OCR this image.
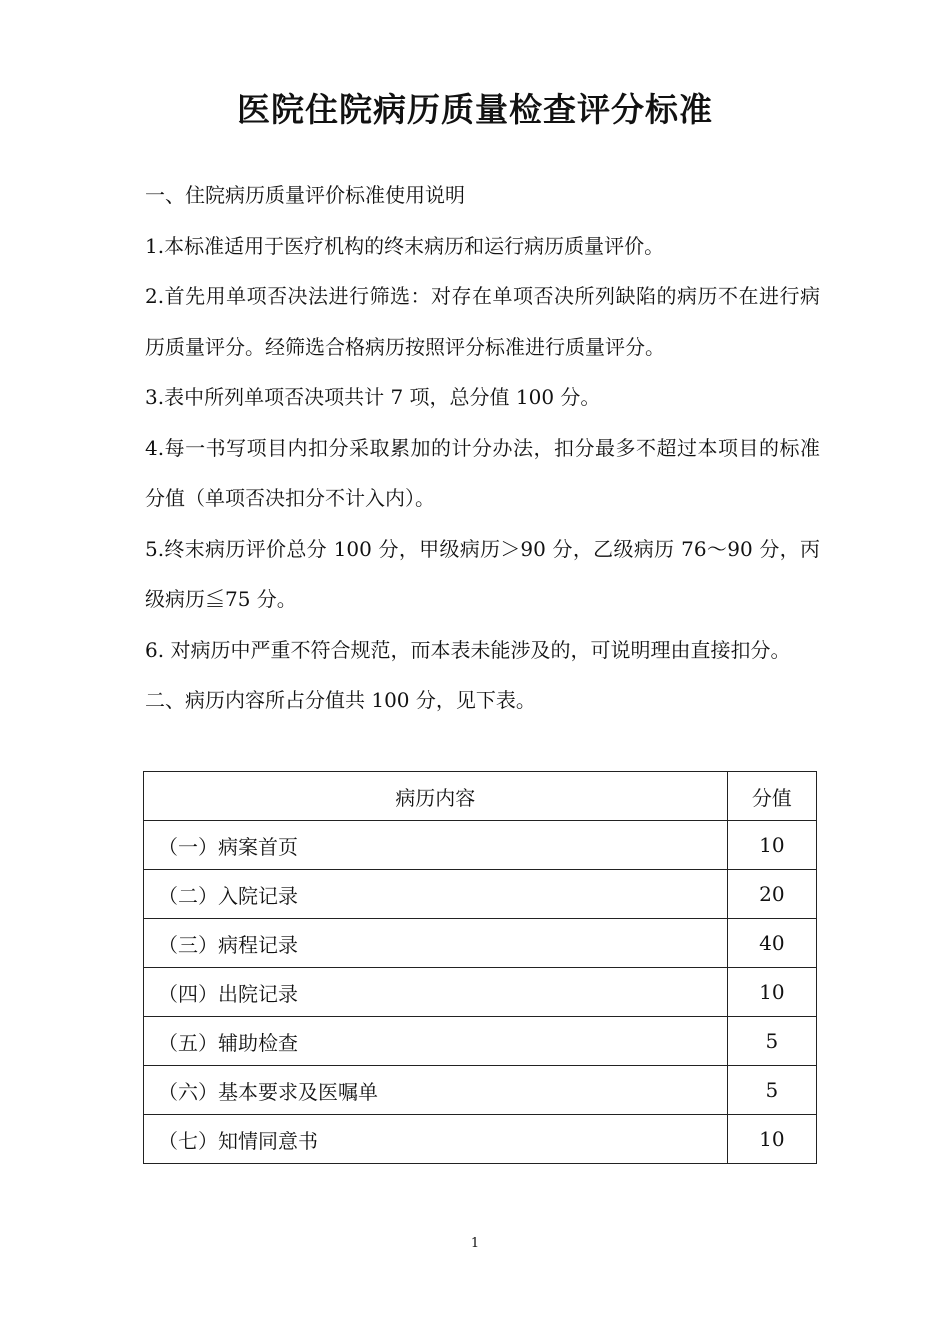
医院住院病历质量检查评分标准

一、住院病历质量评价标准使用说明

1.本标准适用于医疗机构的终末病历和运行病历质量评价。

2.首先用单项否决法进行筛选：对存在单项否决所列缺陷的病历不在进行病历质量评分。经筛选合格病历按照评分标准进行质量评分。

3.表中所列单项否决项共计 7 项，总分值 100 分。

4.每一书写项目内扣分采取累加的计分办法，扣分最多不超过本项目的标准分值（单项否决扣分不计入内）。

5.终末病历评价总分 100 分，甲级病历＞90 分，乙级病历 76～90 分，丙级病历≦75 分。

6. 对病历中严重不符合规范，而本表未能涉及的，可说明理由直接扣分。

二、病历内容所占分值共 100 分，见下表。

病历内容	分值
（一）病案首页	10
（二）入院记录	20
（三）病程记录	40
（四）出院记录	10
（五）辅助检查	5
（六）基本要求及医嘱单	5
（七）知情同意书	10
1
